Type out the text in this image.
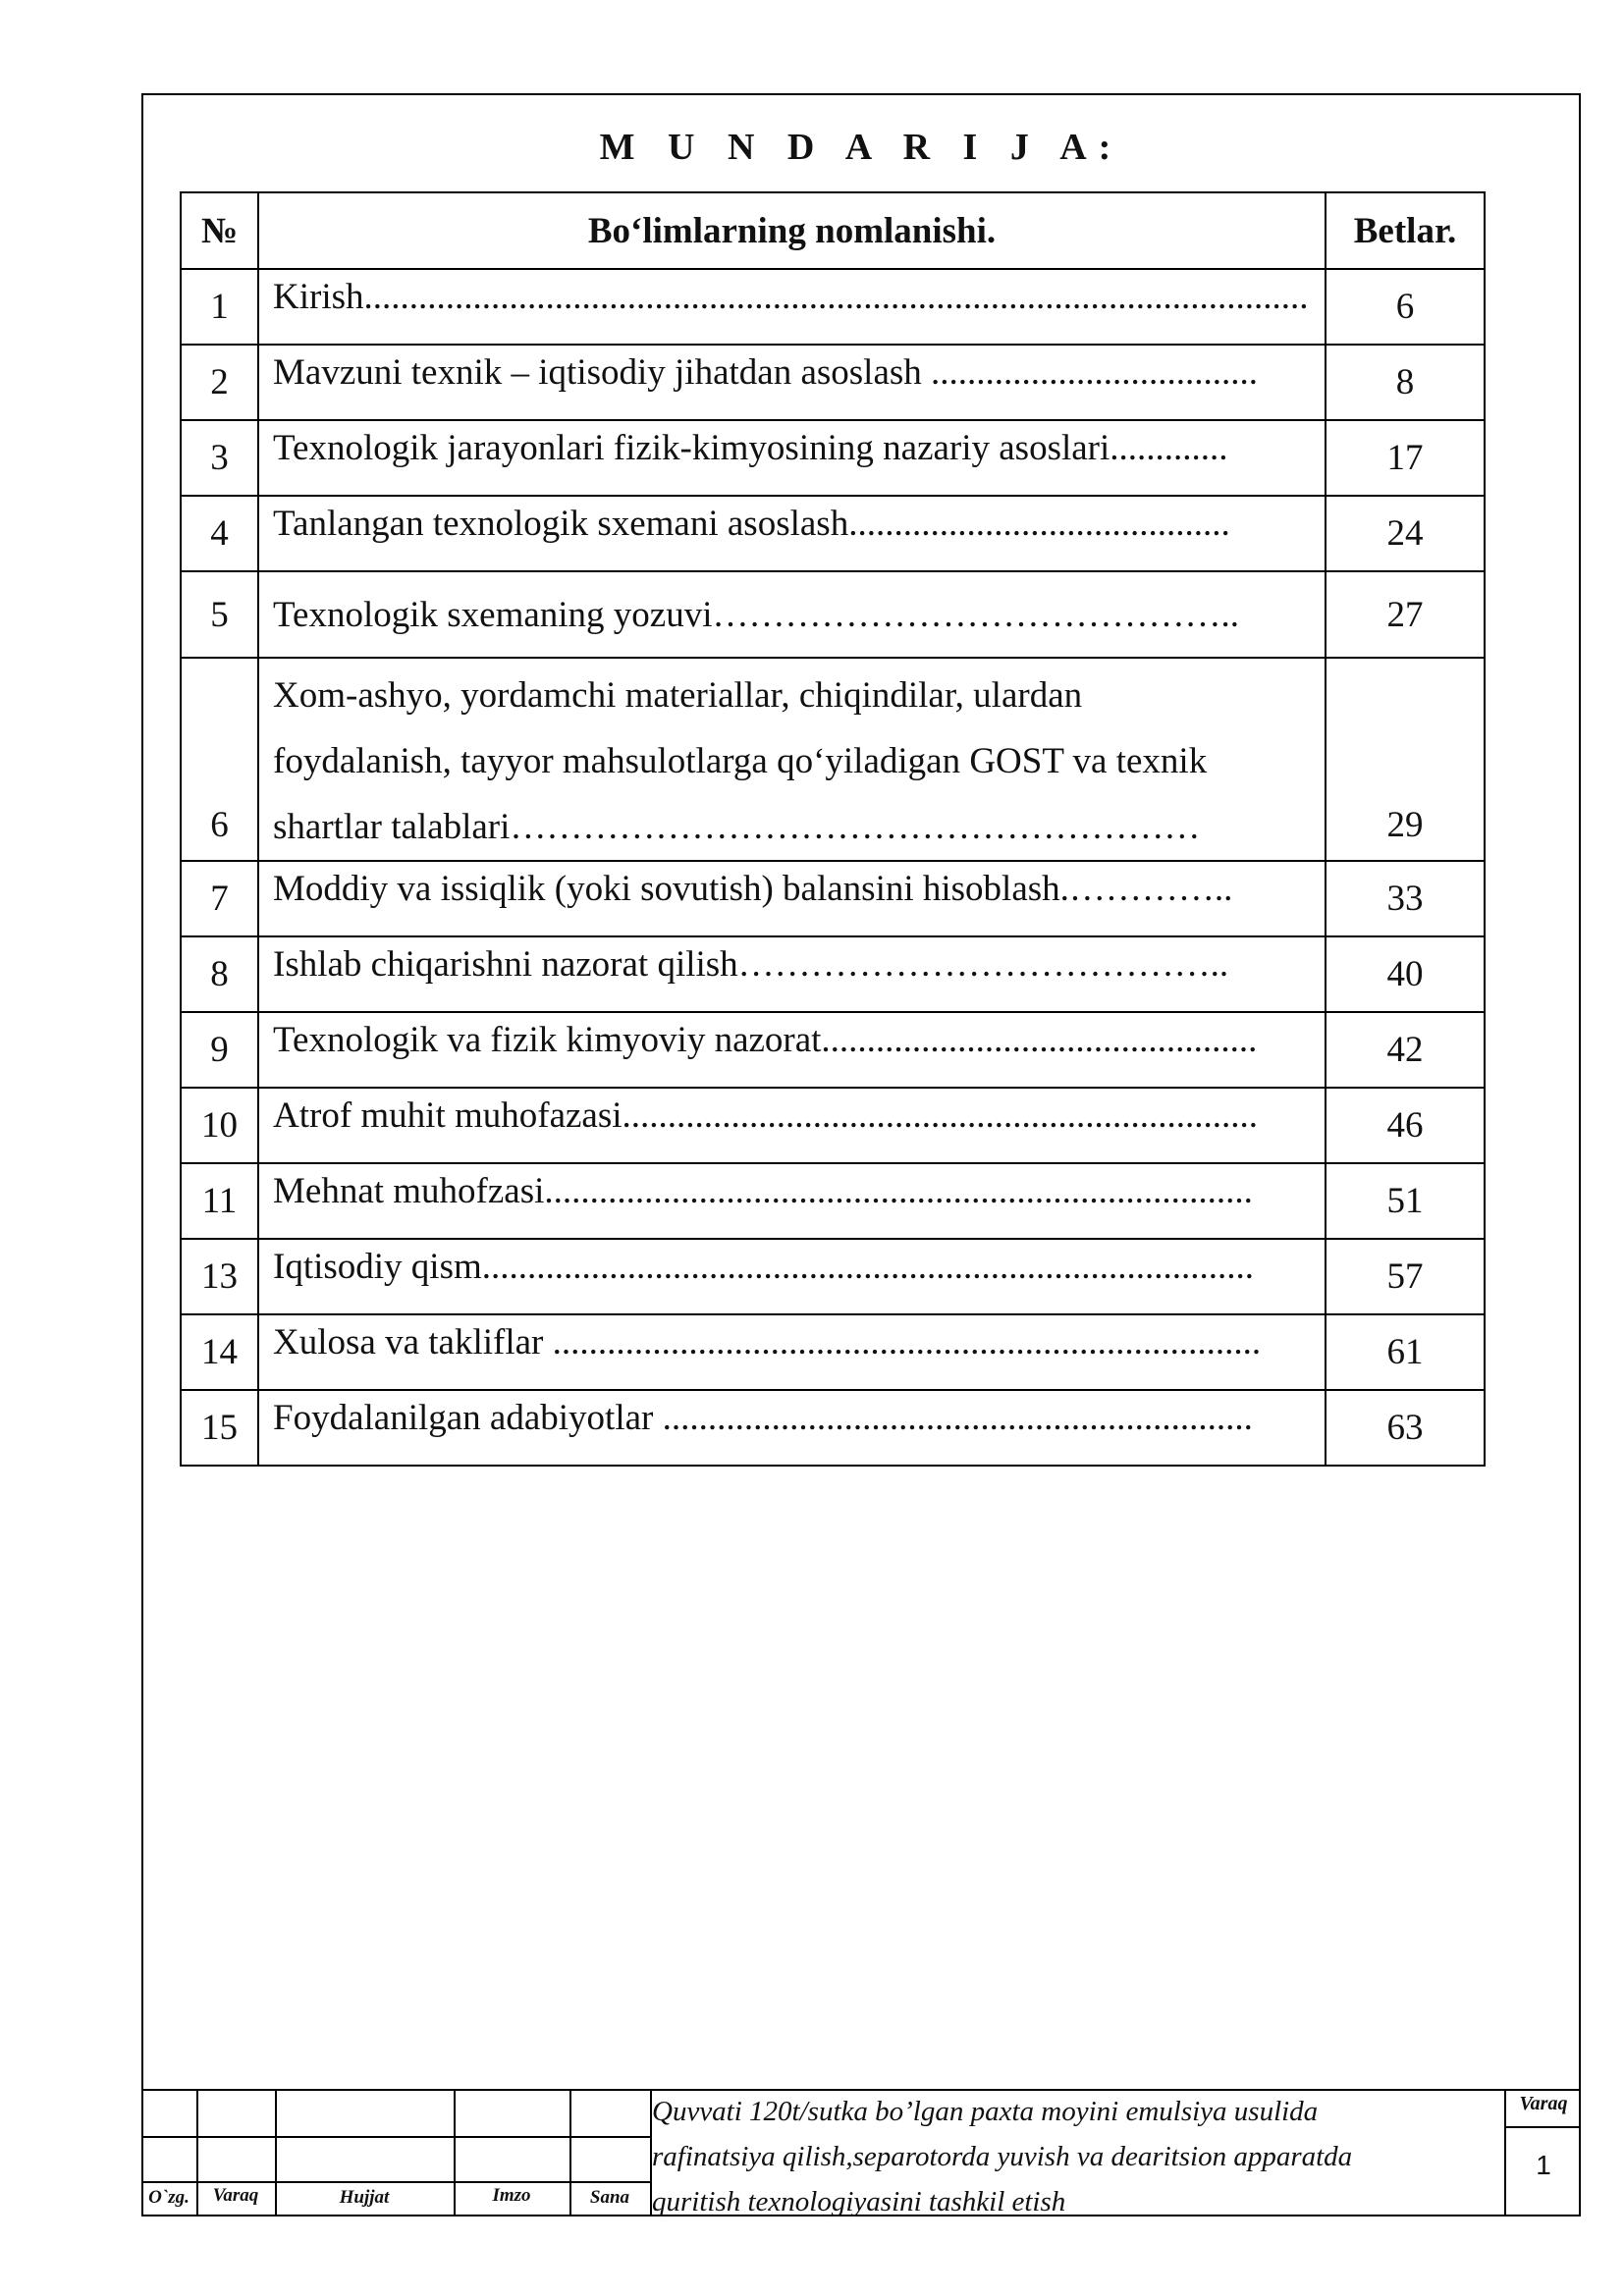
M U N D A R I J A:
№	Bo‘limlarning nomlanishi.	Betlar.
1	Kirish........................................................................................................	6
2	Mavzuni texnik – iqtisodiy jihatdan asoslash ....................................	8
3	Texnologik jarayonlari fizik-kimyosining nazariy asoslari.............	17
4	Tanlangan texnologik sxemani asoslash..........................................	24
5	Texnologik sxemaning yozuvi……………………………………..	27
6	Xom-ashyo, yordamchi materiallar, chiqindilar, ulardan
foydalanish, tayyor mahsulotlarga qo‘yiladigan GOST va texnik
shartlar talablari…………………………………………………	29
7	Moddiy va issiqlik (yoki sovutish) balansini hisoblash.…………..	33
8	Ishlab chiqarishni nazorat qilish…………………………………..	40
9	Texnologik va fizik kimyoviy nazorat................................................	42
10	Atrof muhit muhofazasi......................................................................	46
11	Mehnat muhofzasi..............................................................................	51
13	Iqtisodiy qism.....................................................................................	57
14	Xulosa va takliflar ..............................................................................	61
15	Foydalanilgan adabiyotlar .................................................................	63
O`zg.	Varaq	Hujjat	Imzo	Sana
Quvvati 120t/sutka bo’lgan paxta moyini emulsiya usulida
rafinatsiya qilish,separotorda yuvish va dearitsion apparatda
quritish texnologiyasini tashkil etish
Varaq
1
